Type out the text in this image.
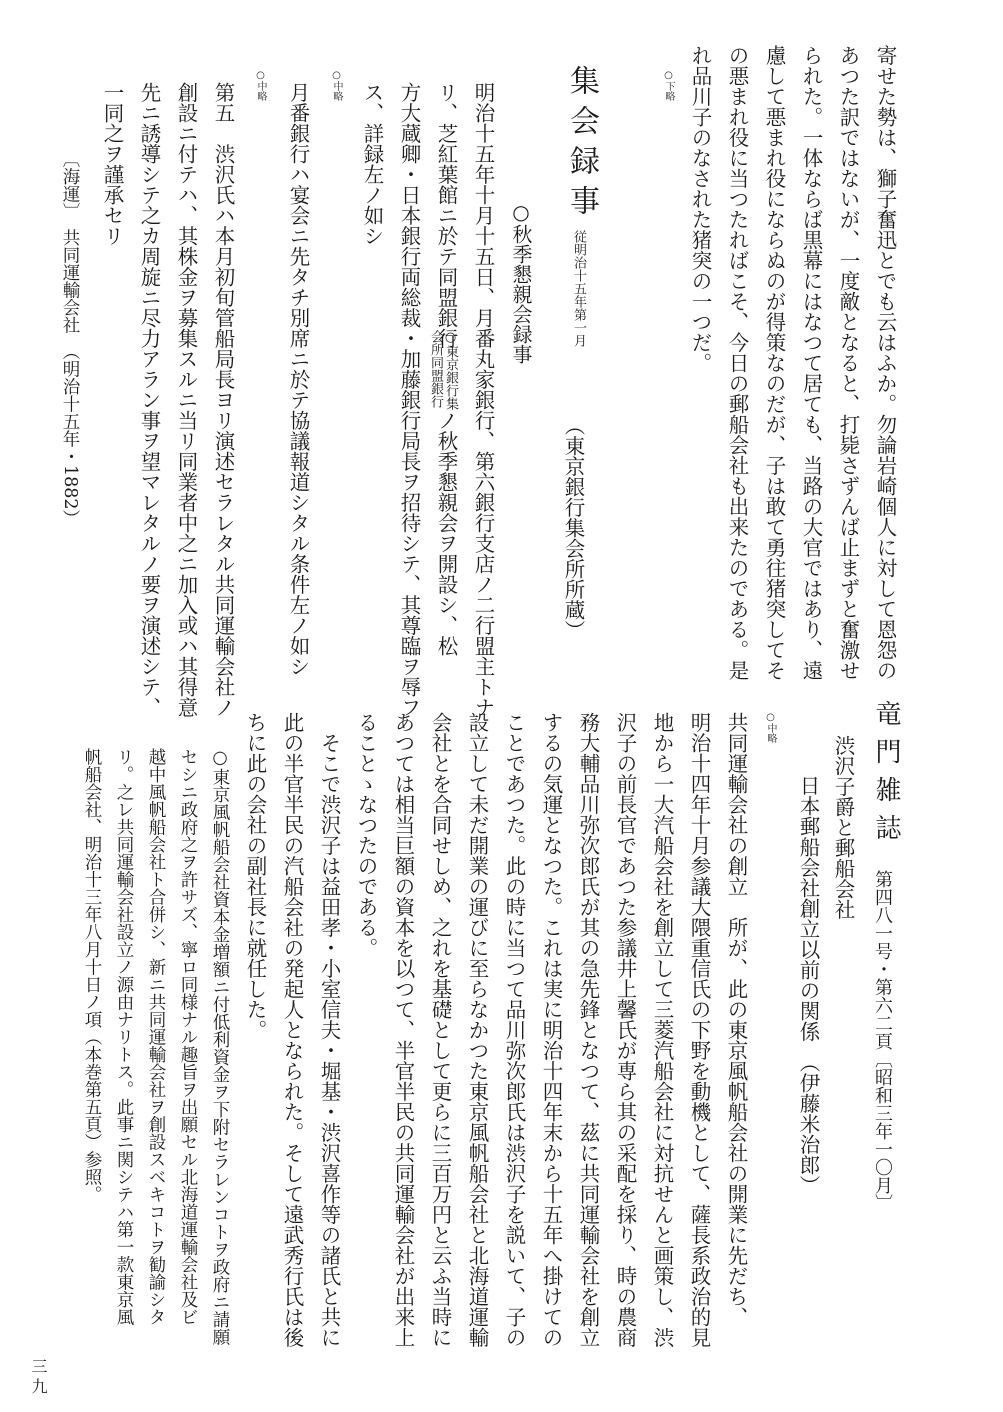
寄せた勢は、獅子奮迅とでも云はふか。勿論岩崎個人に対して恩怨の
あつた訳ではないが、一度敵となると、打毙さずんば止まずと奮激せ
られた。一体ならば黒幕にはなつて居ても、当路の大官ではあり、遠
慮して悪まれ役にならぬのが得策なのだが、子は敢て勇往猪突してそ
の悪まれ役に当つたればこそ、今日の郵船会社も出来たのである。是
れ品川子のなされた猪突の一つだ。
○下略
集会録事
従明治十五年第一月
（東京銀行集会所所蔵）
○秋季懇親会録事
明治十五年十月十五日、月番丸家銀行、第六銀行支店ノ二行盟主トナ
リ、芝紅葉館ニ於テ同盟銀行
○東京銀行集
会所同盟銀行
ノ秋季懇親会ヲ開設シ、松
方大蔵卿・日本銀行両総裁・加藤銀行局長ヲ招待シテ、其尊臨ヲ辱フ
ス、詳録左ノ如シ
○中略
月番銀行ハ宴会ニ先タチ別席ニ於テ協議報道シタル条件左ノ如シ
○中略
第五　渋沢氏ハ本月初旬管船局長ヨリ演述セラレタル共同運輸会社ノ
創設ニ付テハ、其株金ヲ募集スルニ当リ同業者中之ニ加入或ハ其得意
先ニ誘導シテ之カ周旋ニ尽力アラン事ヲ望マレタルノ要ヲ演述シテ、
一同之ヲ謹承セリ
〔海運〕　共同運輸会社　（明治十五年・1882）
竜門雑誌
第四八一号・第六二頁〔昭和三年一〇月〕
渋沢子爵と郵船会社
日本郵船会社創立以前の関係　（伊藤米治郎）
○中略
共同運輸会社の創立　所が、此の東京風帆船会社の開業に先だち、
明治十四年十月参議大隈重信氏の下野を動機として、薩長系政治的見
地から一大汽船会社を創立して三菱汽船会社に対抗せんと画策し、渋
沢子の前長官であつた参議井上馨氏が専ら其の采配を採り、時の農商
務大輔品川弥次郎氏が其の急先鋒となつて、茲に共同運輸会社を創立
するの気運となつた。これは実に明治十四年末から十五年へ掛けての
ことであつた。此の時に当つて品川弥次郎氏は渋沢子を説いて、子の
設立して未だ開業の運びに至らなかつた東京風帆船会社と北海道運輸
会社とを合同せしめ、之れを基礎として更らに三百万円と云ふ当時に
あつては相当巨額の資本を以つて、半官半民の共同運輸会社が出来上
ることゝなつたのである。
　そこで渋沢子は益田孝・小室信夫・堀基・渋沢喜作等の諸氏と共に
此の半官半民の汽船会社の発起人となられた。そして遠武秀行氏は後
ちに此の会社の副社長に就任した。
○東京風帆船会社資本金増額ニ付低利資金ヲ下附セラレンコトヲ政府ニ請願
セシニ政府之ヲ許サズ、寧ロ同様ナル趣旨ヲ出願セル北海道運輸会社及ビ
越中風帆船会社ト合併シ、新ニ共同運輸会社ヲ創設スベキコトヲ勧諭シタ
リ。之レ共同運輸会社設立ノ源由ナリトス。此事ニ関シテハ第一款東京風
帆船会社、明治十三年八月十日ノ項（本巻第五頁）参照。
三九
